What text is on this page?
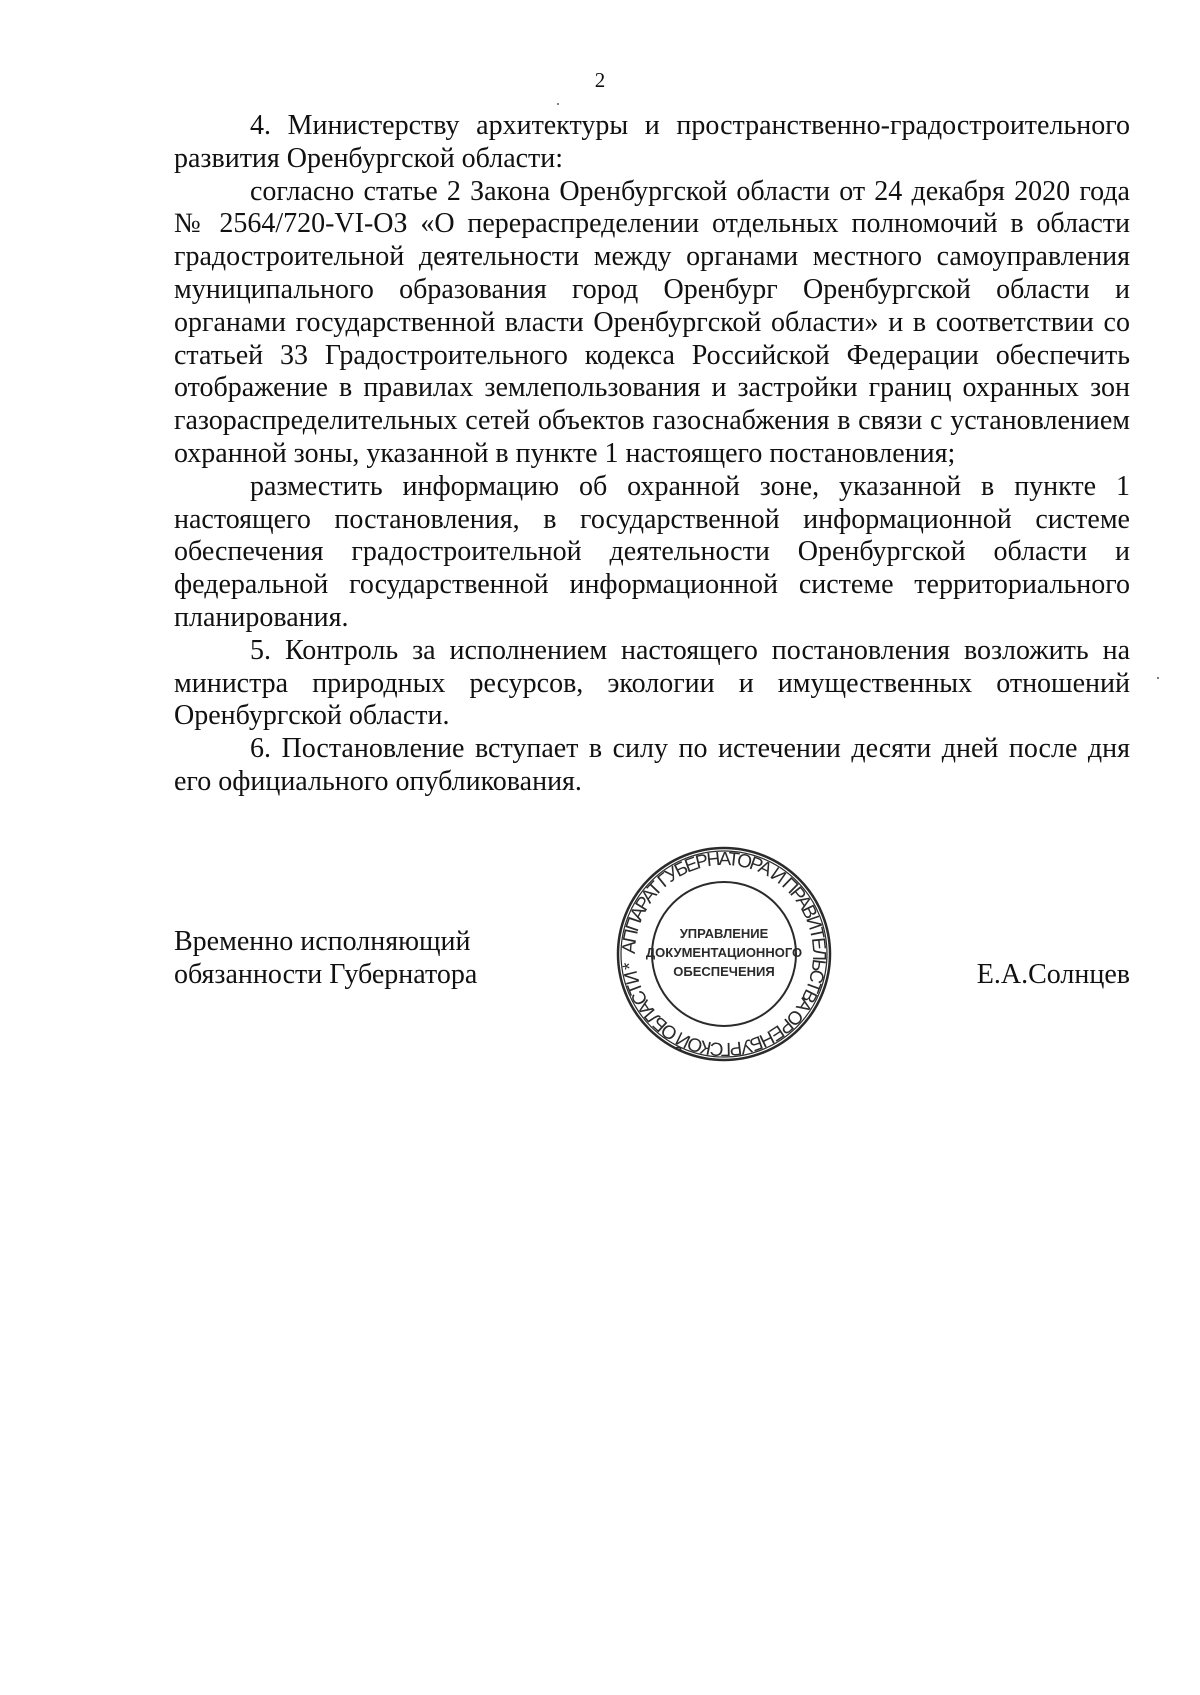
2

4. Министерству архитектуры и пространственно-градостроительного развития Оренбургской области:

согласно статье 2 Закона Оренбургской области от 24 декабря 2020 года № 2564/720-VI-ОЗ «О перераспределении отдельных полномочий в области градостроительной деятельности между органами местного самоуправления муниципального образования город Оренбург Оренбургской области и органами государственной власти Оренбургской области» и в соответствии со статьей 33 Градостроительного кодекса Российской Федерации обеспечить отображение в правилах землепользования и застройки границ охранных зон газораспределительных сетей объектов газоснабжения в связи с установлением охранной зоны, указанной в пункте 1 настоящего постановления;

разместить информацию об охранной зоне, указанной в пункте 1 настоящего постановления, в государственной информационной системе обеспечения градостроительной деятельности Оренбургской области и федеральной государственной информационной системе территориального планирования.

5. Контроль за исполнением настоящего постановления возложить на министра природных ресурсов, экологии и имущественных отношений Оренбургской области.

6. Постановление вступает в силу по истечении десяти дней после дня его официального опубликования.

Временно исполняющий
обязанности Губернатора	Е.А.Солнцев
АППАРАТ ГУБЕРНАТОРА И ПРАВИТЕЛЬСТВА ОРЕНБУРГСКОЙ ОБЛАСТИ *
УПРАВЛЕНИЕ
ДОКУМЕНТАЦИОННОГО
ОБЕСПЕЧЕНИЯ
